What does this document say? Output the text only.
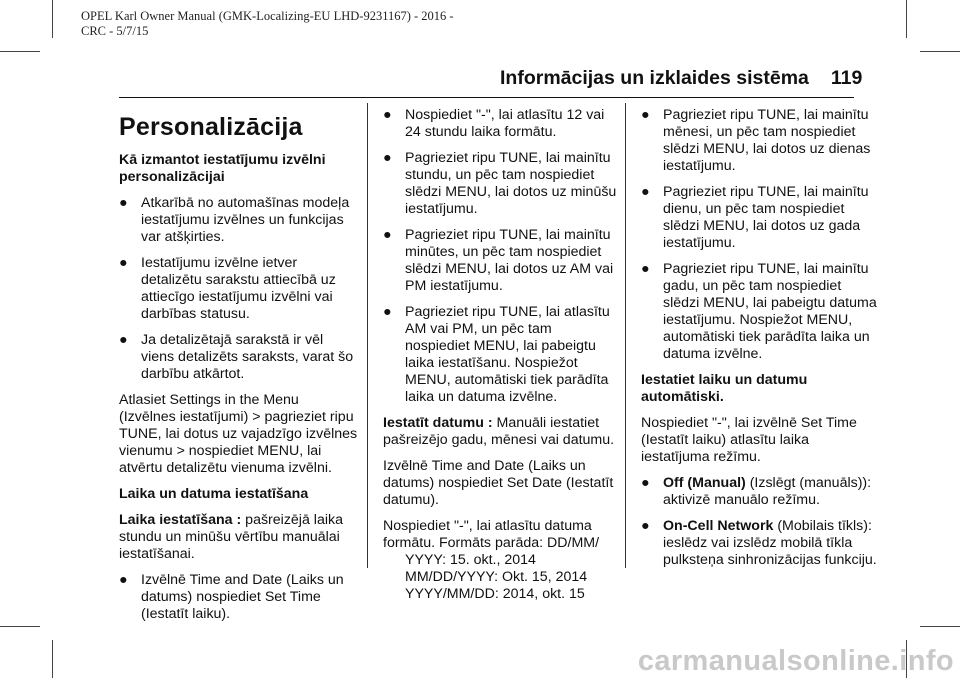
OPEL Karl Owner Manual (GMK-Localizing-EU LHD-9231167) - 2016 -
CRC - 5/7/15
Informācijas un izklaides sistēma 119

Personalizācija

Kā izmantot iestatījumu izvēlni personalizācijai

● Atkarībā no automašīnas modeļa iestatījumu izvēlnes un funkcijas var atšķirties.
● Iestatījumu izvēlne ietver detalizētu sarakstu attiecībā uz attiecīgo iestatījumu izvēlni vai darbības statusu.
● Ja detalizētajā sarakstā ir vēl viens detalizēts saraksts, varat šo darbību atkārtot.

Atlasiet Settings in the Menu (Izvēlnes iestatījumi) > pagrieziet ripu TUNE, lai dotus uz vajadzīgo izvēlnes vienumu > nospiediet MENU, lai atvērtu detalizētu vienuma izvēlni.

Laika un datuma iestatīšana

Laika iestatīšana : pašreizējā laika stundu un minūšu vērtību manuālai iestatīšanai.

● Izvēlnē Time and Date (Laiks un datums) nospiediet Set Time (Iestatīt laiku).
● Nospiediet "-", lai atlasītu 12 vai 24 stundu laika formātu.
● Pagrieziet ripu TUNE, lai mainītu stundu, un pēc tam nospiediet slēdzi MENU, lai dotos uz minūšu iestatījumu.
● Pagrieziet ripu TUNE, lai mainītu minūtes, un pēc tam nospiediet slēdzi MENU, lai dotos uz AM vai PM iestatījumu.
● Pagrieziet ripu TUNE, lai atlasītu AM vai PM, un pēc tam nospiediet MENU, lai pabeigtu laika iestatīšanu. Nospiežot MENU, automātiski tiek parādīta laika un datuma izvēlne.

Iestatīt datumu : Manuāli iestatiet pašreizējo gadu, mēnesi vai datumu.

Izvēlnē Time and Date (Laiks un datums) nospiediet Set Date (Iestatīt datumu).

Nospiediet "-", lai atlasītu datuma formātu. Formāts parāda: DD/MM/

YYYY: 15. okt., 2014
MM/DD/YYYY: Okt. 15, 2014
YYYY/MM/DD: 2014, okt. 15
● Pagrieziet ripu TUNE, lai mainītu mēnesi, un pēc tam nospiediet slēdzi MENU, lai dotos uz dienas iestatījumu.
● Pagrieziet ripu TUNE, lai mainītu dienu, un pēc tam nospiediet slēdzi MENU, lai dotos uz gada iestatījumu.
● Pagrieziet ripu TUNE, lai mainītu gadu, un pēc tam nospiediet slēdzi MENU, lai pabeigtu datuma iestatījumu. Nospiežot MENU, automātiski tiek parādīta laika un datuma izvēlne.

Iestatiet laiku un datumu automātiski.

Nospiediet "-", lai izvēlnē Set Time (Iestatīt laiku) atlasītu laika iestatījuma režīmu.

● Off (Manual) (Izslēgt (manuāls)): aktivizē manuālo režīmu.
● On-Cell Network (Mobilais tīkls): ieslēdz vai izslēdz mobilā tīkla pulksteņa sinhronizācijas funkciju.
carmanualsonline.info
